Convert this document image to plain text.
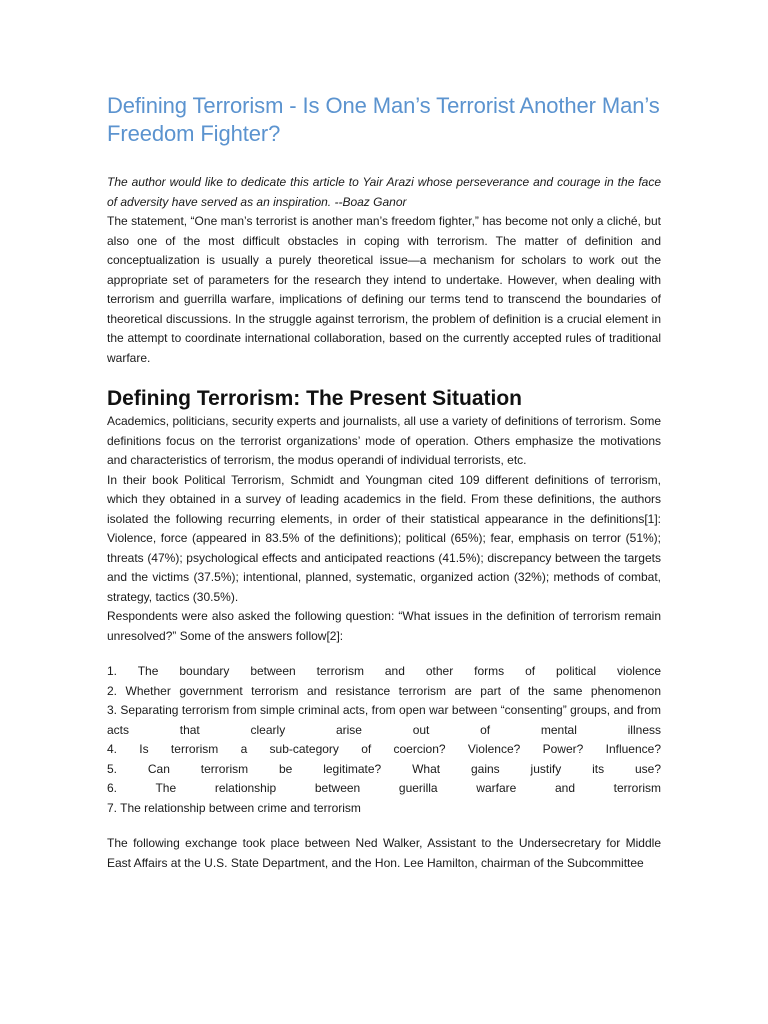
Defining Terrorism - Is One Man’s Terrorist Another Man’s Freedom Fighter?

The author would like to dedicate this article to Yair Arazi whose perseverance and courage in the face of adversity have served as an inspiration. --Boaz Ganor

The statement, “One man’s terrorist is another man’s freedom fighter,” has become not only a cliché, but also one of the most difficult obstacles in coping with terrorism. The matter of definition and conceptualization is usually a purely theoretical issue—a mechanism for scholars to work out the appropriate set of parameters for the research they intend to undertake. However, when dealing with terrorism and guerrilla warfare, implications of defining our terms tend to transcend the boundaries of theoretical discussions. In the struggle against terrorism, the problem of definition is a crucial element in the attempt to coordinate international collaboration, based on the currently accepted rules of traditional warfare.

Defining Terrorism: The Present Situation

Academics, politicians, security experts and journalists, all use a variety of definitions of terrorism. Some definitions focus on the terrorist organizations’ mode of operation. Others emphasize the motivations and characteristics of terrorism, the modus operandi of individual terrorists, etc.

In their book Political Terrorism, Schmidt and Youngman cited 109 different definitions of terrorism, which they obtained in a survey of leading academics in the field. From these definitions, the authors isolated the following recurring elements, in order of their statistical appearance in the definitions[1]: Violence, force (appeared in 83.5% of the definitions); political (65%); fear, emphasis on terror (51%); threats (47%); psychological effects and anticipated reactions (41.5%); discrepancy between the targets and the victims (37.5%); intentional, planned, systematic, organized action (32%); methods of combat, strategy, tactics (30.5%).

Respondents were also asked the following question: “What issues in the definition of terrorism remain unresolved?” Some of the answers follow[2]:

1. The boundary between terrorism and other forms of political violence
2. Whether government terrorism and resistance terrorism are part of the same phenomenon
3. Separating terrorism from simple criminal acts, from open war between “consenting” groups, and from acts that clearly arise out of mental illness
4. Is terrorism a sub-category of coercion? Violence? Power? Influence?
5. Can terrorism be legitimate? What gains justify its use?
6. The relationship between guerilla warfare and terrorism
7. The relationship between crime and terrorism

The following exchange took place between Ned Walker, Assistant to the Undersecretary for Middle East Affairs at the U.S. State Department, and the Hon. Lee Hamilton, chairman of the Subcommittee
